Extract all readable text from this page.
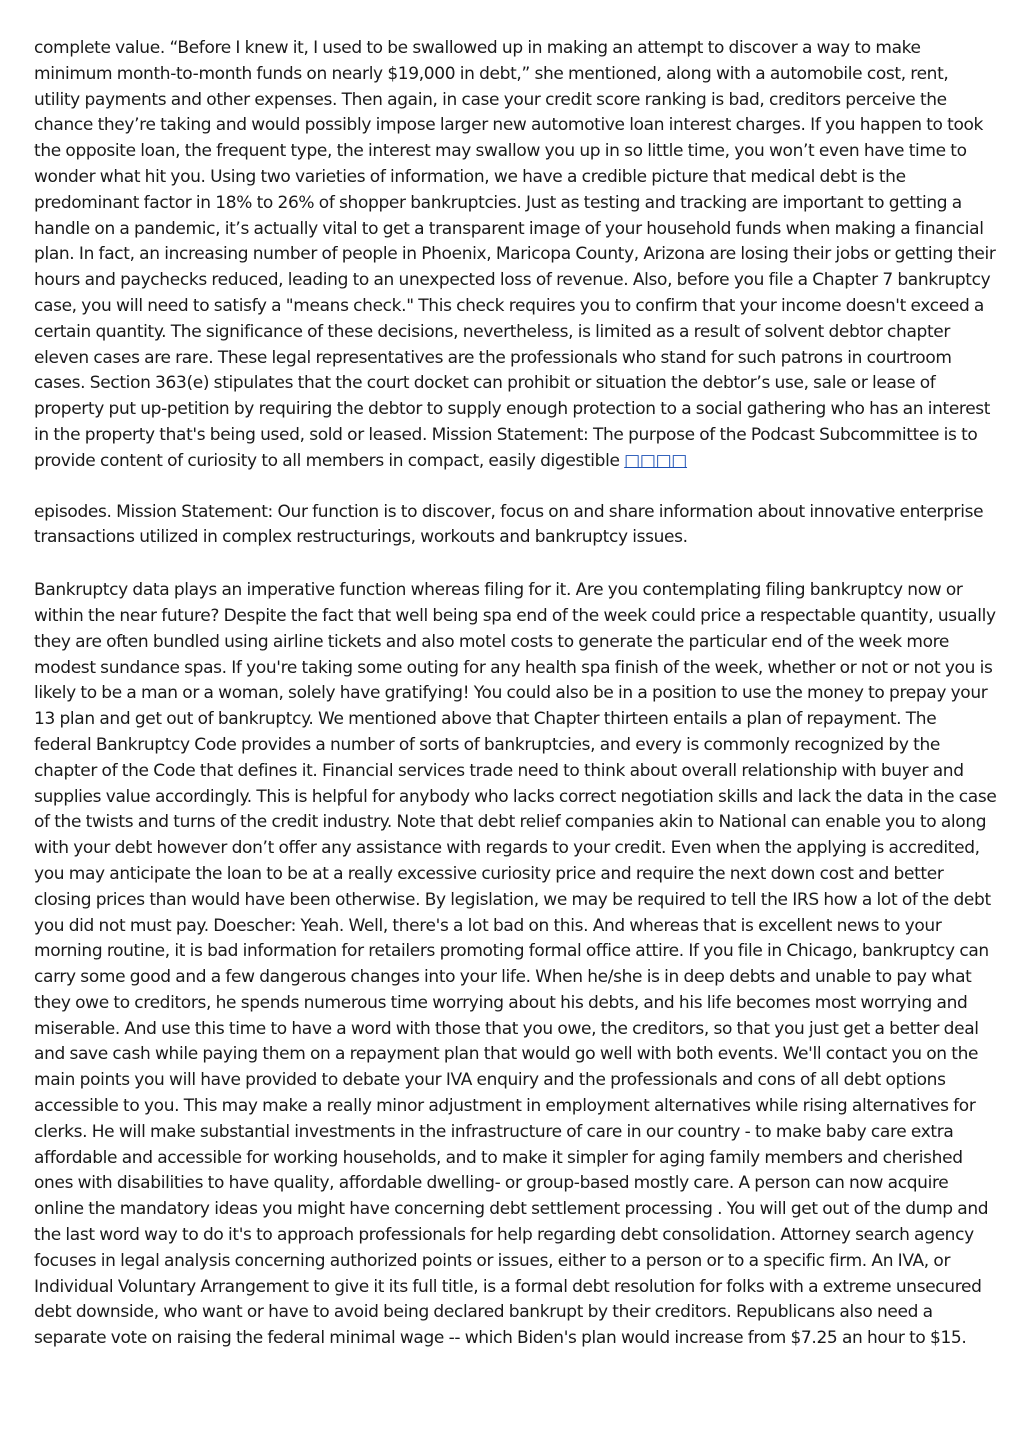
complete value. “Before I knew it, I used to be swallowed up in making an attempt to discover a way to make minimum month-to-month funds on nearly $19,000 in debt,” she mentioned, along with a automobile cost, rent, utility payments and other expenses. Then again, in case your credit score ranking is bad, creditors perceive the chance they’re taking and would possibly impose larger new automotive loan interest charges. If you happen to took the opposite loan, the frequent type, the interest may swallow you up in so little time, you won’t even have time to wonder what hit you. Using two varieties of information, we have a credible picture that medical debt is the predominant factor in 18% to 26% of shopper bankruptcies. Just as testing and tracking are important to getting a handle on a pandemic, it’s actually vital to get a transparent image of your household funds when making a financial plan. In fact, an increasing number of people in Phoenix, Maricopa County, Arizona are losing their jobs or getting their hours and paychecks reduced, leading to an unexpected loss of revenue. Also, before you file a Chapter 7 bankruptcy case, you will need to satisfy a "means check." This check requires you to confirm that your income doesn't exceed a certain quantity. The significance of these decisions, nevertheless, is limited as a result of solvent debtor chapter eleven cases are rare. These legal representatives are the professionals who stand for such patrons in courtroom cases. Section 363(e) stipulates that the court docket can prohibit or situation the debtor’s use, sale or lease of property put up-petition by requiring the debtor to supply enough protection to a social gathering who has an interest in the property that's being used, sold or leased. Mission Statement: The purpose of the Podcast Subcommittee is to provide content of curiosity to all members in compact, easily digestible □□□□

episodes. Mission Statement: Our function is to discover, focus on and share information about innovative enterprise transactions utilized in complex restructurings, workouts and bankruptcy issues.

Bankruptcy data plays an imperative function whereas filing for it. Are you contemplating filing bankruptcy now or within the near future? Despite the fact that well being spa end of the week could price a respectable quantity, usually they are often bundled using airline tickets and also motel costs to generate the particular end of the week more modest sundance spas. If you're taking some outing for any health spa finish of the week, whether or not or not you is likely to be a man or a woman, solely have gratifying! You could also be in a position to use the money to prepay your 13 plan and get out of bankruptcy. We mentioned above that Chapter thirteen entails a plan of repayment. The federal Bankruptcy Code provides a number of sorts of bankruptcies, and every is commonly recognized by the chapter of the Code that defines it. Financial services trade need to think about overall relationship with buyer and supplies value accordingly. This is helpful for anybody who lacks correct negotiation skills and lack the data in the case of the twists and turns of the credit industry. Note that debt relief companies akin to National can enable you to along with your debt however don’t offer any assistance with regards to your credit. Even when the applying is accredited, you may anticipate the loan to be at a really excessive curiosity price and require the next down cost and better closing prices than would have been otherwise. By legislation, we may be required to tell the IRS how a lot of the debt you did not must pay. Doescher: Yeah. Well, there's a lot bad on this. And whereas that is excellent news to your morning routine, it is bad information for retailers promoting formal office attire. If you file in Chicago, bankruptcy can carry some good and a few dangerous changes into your life. When he/she is in deep debts and unable to pay what they owe to creditors, he spends numerous time worrying about his debts, and his life becomes most worrying and miserable. And use this time to have a word with those that you owe, the creditors, so that you just get a better deal and save cash while paying them on a repayment plan that would go well with both events. We'll contact you on the main points you will have provided to debate your IVA enquiry and the professionals and cons of all debt options accessible to you. This may make a really minor adjustment in employment alternatives while rising alternatives for clerks. He will make substantial investments in the infrastructure of care in our country - to make baby care extra affordable and accessible for working households, and to make it simpler for aging family members and cherished ones with disabilities to have quality, affordable dwelling- or group-based mostly care. A person can now acquire online the mandatory ideas you might have concerning debt settlement processing . You will get out of the dump and the last word way to do it's to approach professionals for help regarding debt consolidation. Attorney search agency focuses in legal analysis concerning authorized points or issues, either to a person or to a specific firm. An IVA, or Individual Voluntary Arrangement to give it its full title, is a formal debt resolution for folks with a extreme unsecured debt downside, who want or have to avoid being declared bankrupt by their creditors. Republicans also need a separate vote on raising the federal minimal wage -- which Biden's plan would increase from $7.25 an hour to $15.
